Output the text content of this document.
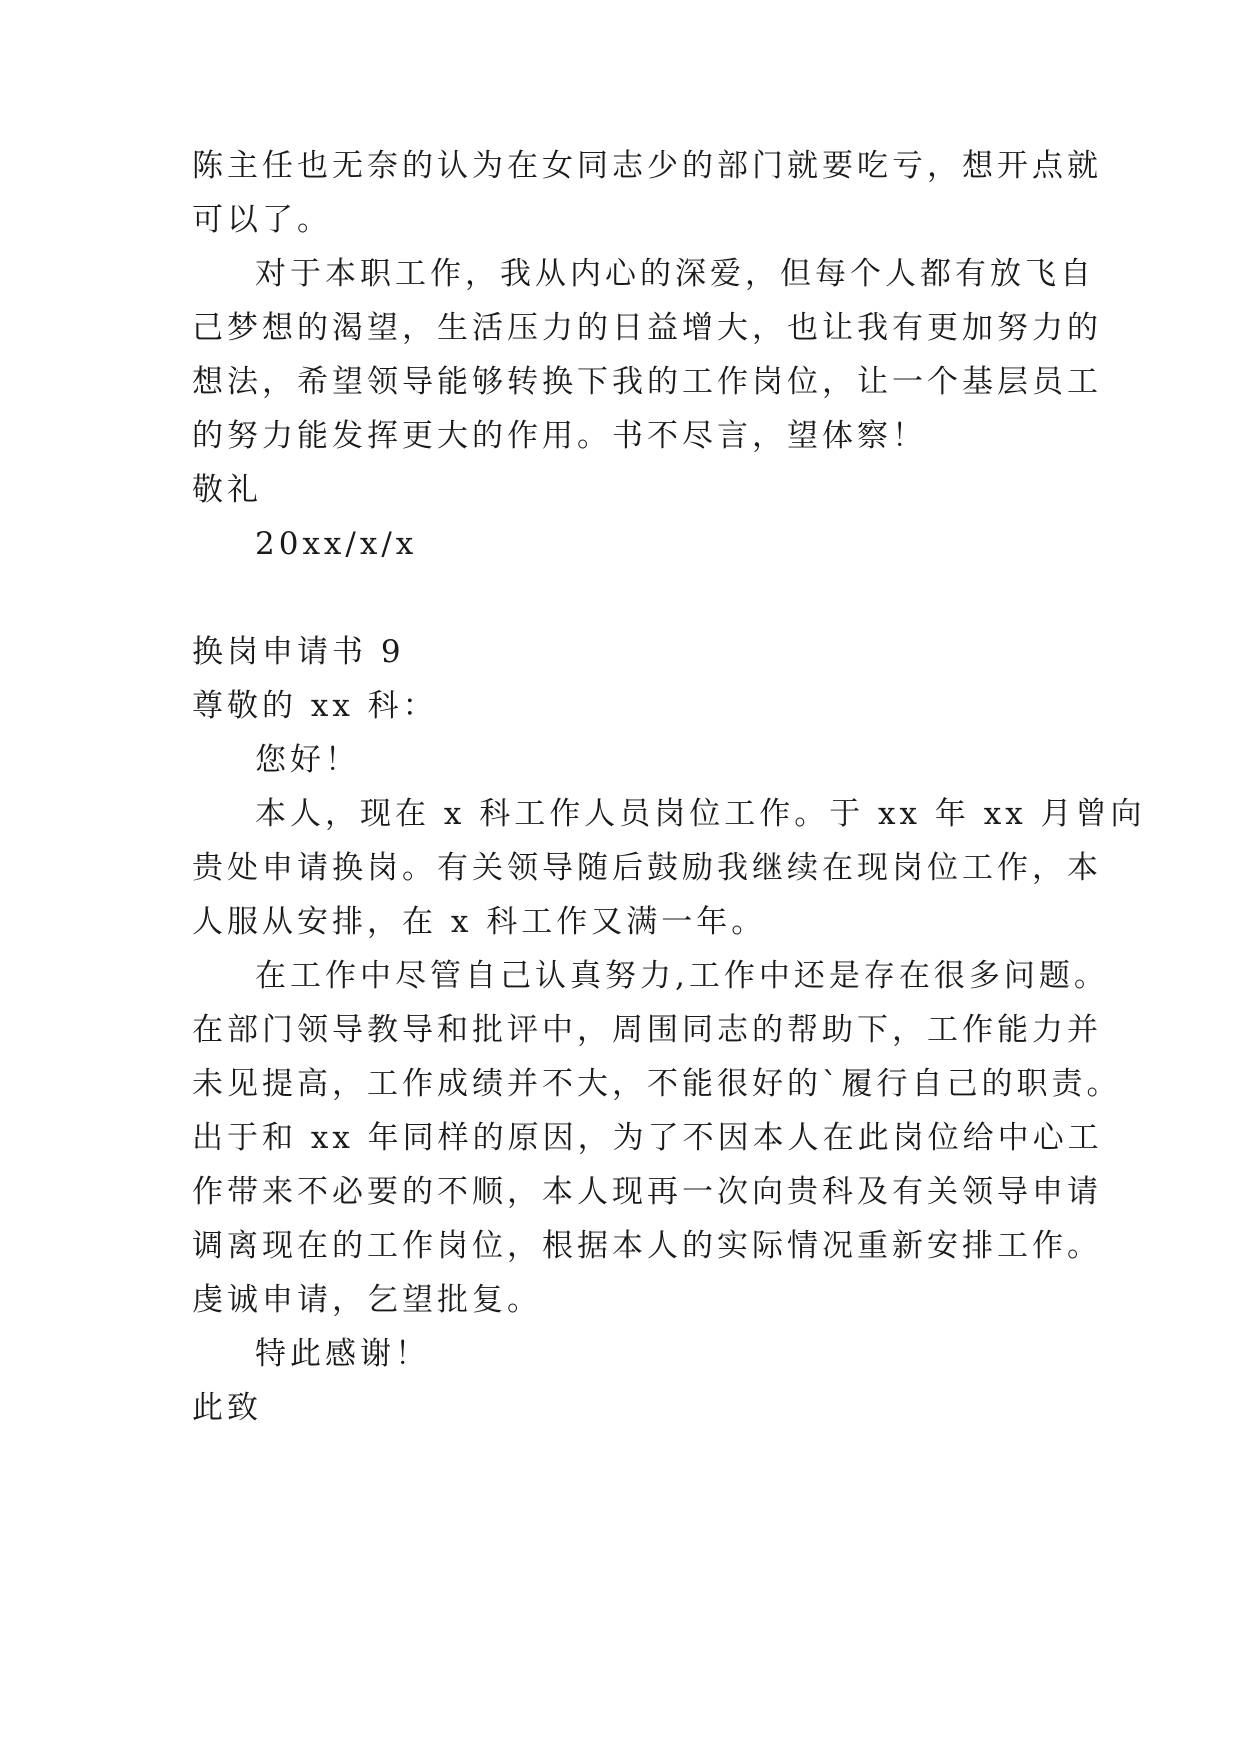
陈主任也无奈的认为在女同志少的部门就要吃亏，想开点就
可以了。
对于本职工作，我从内心的深爱，但每个人都有放飞自
己梦想的渴望，生活压力的日益增大，也让我有更加努力的
想法，希望领导能够转换下我的工作岗位，让一个基层员工
的努力能发挥更大的作用。书不尽言，望体察！
敬礼
20xx/x/x
换岗申请书 9
尊敬的 xx 科：
您好！
本人，现在 x 科工作人员岗位工作。于 xx 年 xx 月曾向
贵处申请换岗。有关领导随后鼓励我继续在现岗位工作，本
人服从安排，在 x 科工作又满一年。
在工作中尽管自己认真努力,工作中还是存在很多问题。
在部门领导教导和批评中，周围同志的帮助下，工作能力并
未见提高，工作成绩并不大，不能很好的`履行自己的职责。
出于和 xx 年同样的原因，为了不因本人在此岗位给中心工
作带来不必要的不顺，本人现再一次向贵科及有关领导申请
调离现在的工作岗位，根据本人的实际情况重新安排工作。
虔诚申请，乞望批复。
特此感谢！
此致
